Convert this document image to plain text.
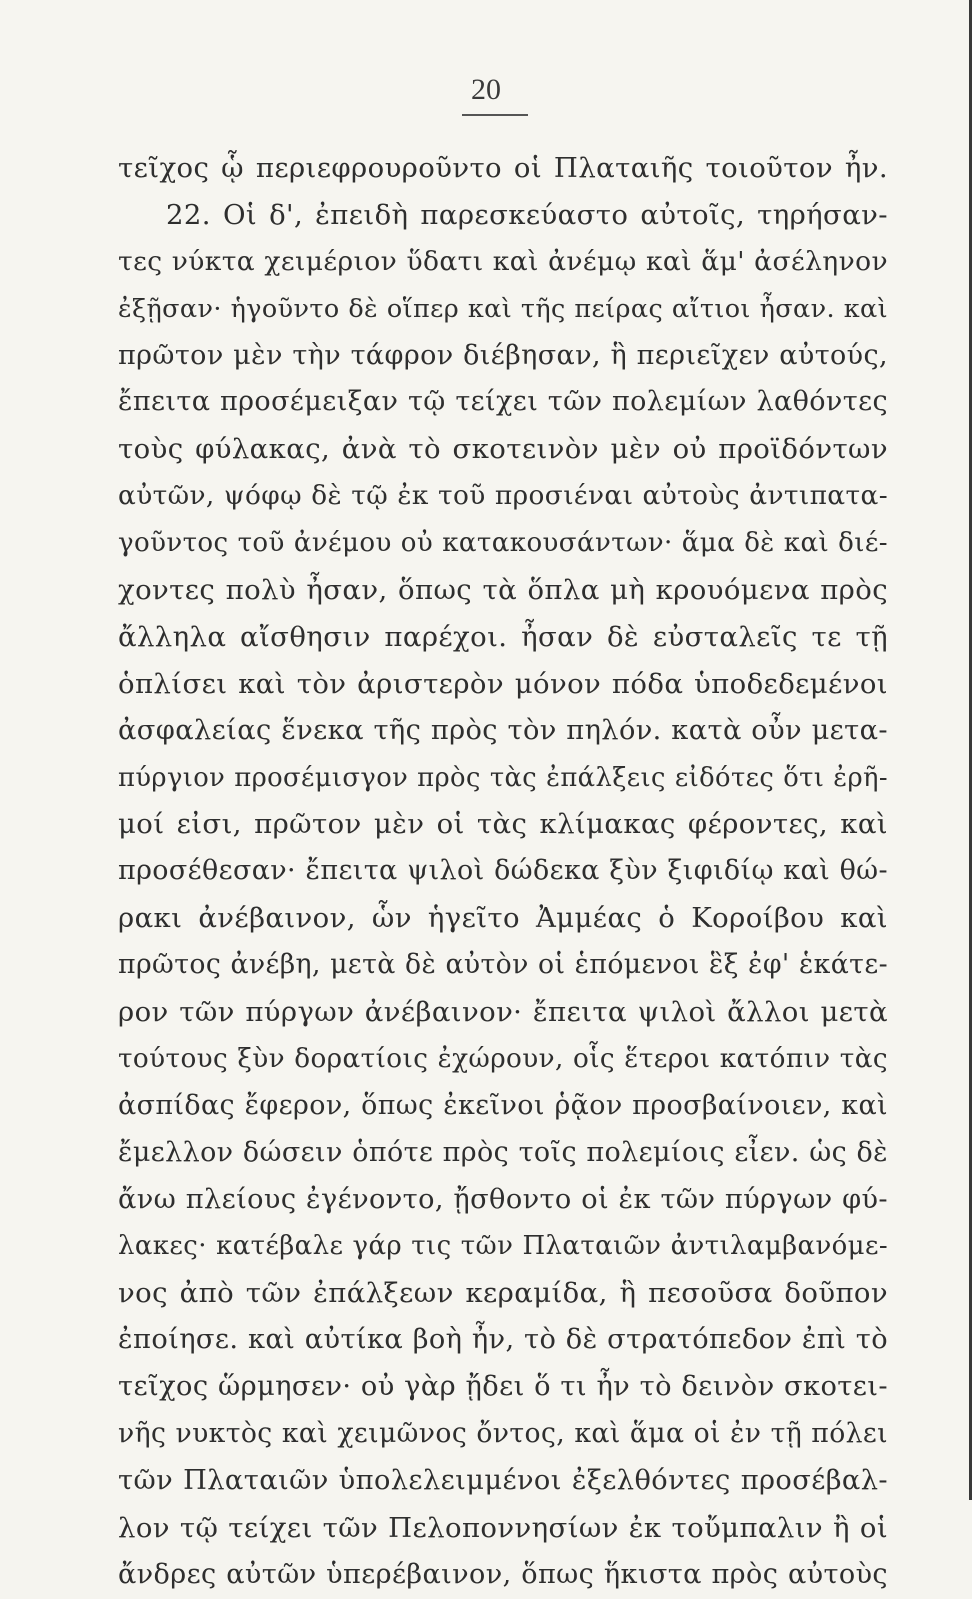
20
τεῖχος ᾧ περιεφρουροῦντο οἱ Πλαταιῆς τοιοῦτον ἦν.
22. Οἱ δ', ἐπειδὴ παρεσκεύαστο αὐτοῖς, τηρήσαν-
τες νύκτα χειμέριον ὕδατι καὶ ἀνέμῳ καὶ ἅμ' ἀσέληνον
ἐξῇσαν· ἡγοῦντο δὲ οἵπερ καὶ τῆς πείρας αἴτιοι ἦσαν. καὶ
πρῶτον μὲν τὴν τάφρον διέβησαν, ἣ περιεῖχεν αὐτούς,
ἔπειτα προσέμειξαν τῷ τείχει τῶν πολεμίων λαθόντες
τοὺς φύλακας, ἀνὰ τὸ σκοτεινὸν μὲν οὐ προϊδόντων
αὐτῶν, ψόφῳ δὲ τῷ ἐκ τοῦ προσιέναι αὐτοὺς ἀντιπατα-
γοῦντος τοῦ ἀνέμου οὐ κατακουσάντων· ἅμα δὲ καὶ διέ-
χοντες πολὺ ἦσαν, ὅπως τὰ ὅπλα μὴ κρουόμενα πρὸς
ἄλληλα αἴσθησιν παρέχοι. ἦσαν δὲ εὐσταλεῖς τε τῇ
ὁπλίσει καὶ τὸν ἀριστερὸν μόνον πόδα ὑποδεδεμένοι
ἀσφαλείας ἕνεκα τῆς πρὸς τὸν πηλόν. κατὰ οὖν μετα-
πύργιον προσέμισγον πρὸς τὰς ἐπάλξεις εἰδότες ὅτι ἐρῆ-
μοί εἰσι, πρῶτον μὲν οἱ τὰς κλίμακας φέροντες, καὶ
προσέθεσαν· ἔπειτα ψιλοὶ δώδεκα ξὺν ξιφιδίῳ καὶ θώ-
ρακι ἀνέβαινον, ὧν ἡγεῖτο Ἀμμέας ὁ Κοροίβου καὶ
πρῶτος ἀνέβη, μετὰ δὲ αὐτὸν οἱ ἑπόμενοι ἓξ ἐφ' ἑκάτε-
ρον τῶν πύργων ἀνέβαινον· ἔπειτα ψιλοὶ ἄλλοι μετὰ
τούτους ξὺν δορατίοις ἐχώρουν, οἷς ἕτεροι κατόπιν τὰς
ἀσπίδας ἔφερον, ὅπως ἐκεῖνοι ῥᾷον προσβαίνοιεν, καὶ
ἔμελλον δώσειν ὁπότε πρὸς τοῖς πολεμίοις εἶεν. ὡς δὲ
ἄνω πλείους ἐγένοντο, ᾔσθοντο οἱ ἐκ τῶν πύργων φύ-
λακες· κατέβαλε γάρ τις τῶν Πλαταιῶν ἀντιλαμβανόμε-
νος ἀπὸ τῶν ἐπάλξεων κεραμίδα, ἣ πεσοῦσα δοῦπον
ἐποίησε. καὶ αὐτίκα βοὴ ἦν, τὸ δὲ στρατόπεδον ἐπὶ τὸ
τεῖχος ὥρμησεν· οὐ γὰρ ᾔδει ὅ τι ἦν τὸ δεινὸν σκοτει-
νῆς νυκτὸς καὶ χειμῶνος ὄντος, καὶ ἅμα οἱ ἐν τῇ πόλει
τῶν Πλαταιῶν ὑπολελειμμένοι ἐξελθόντες προσέβαλ-
λον τῷ τείχει τῶν Πελοποννησίων ἐκ τοὔμπαλιν ἢ οἱ
ἄνδρες αὐτῶν ὑπερέβαινον, ὅπως ἥκιστα πρὸς αὐτοὺς
